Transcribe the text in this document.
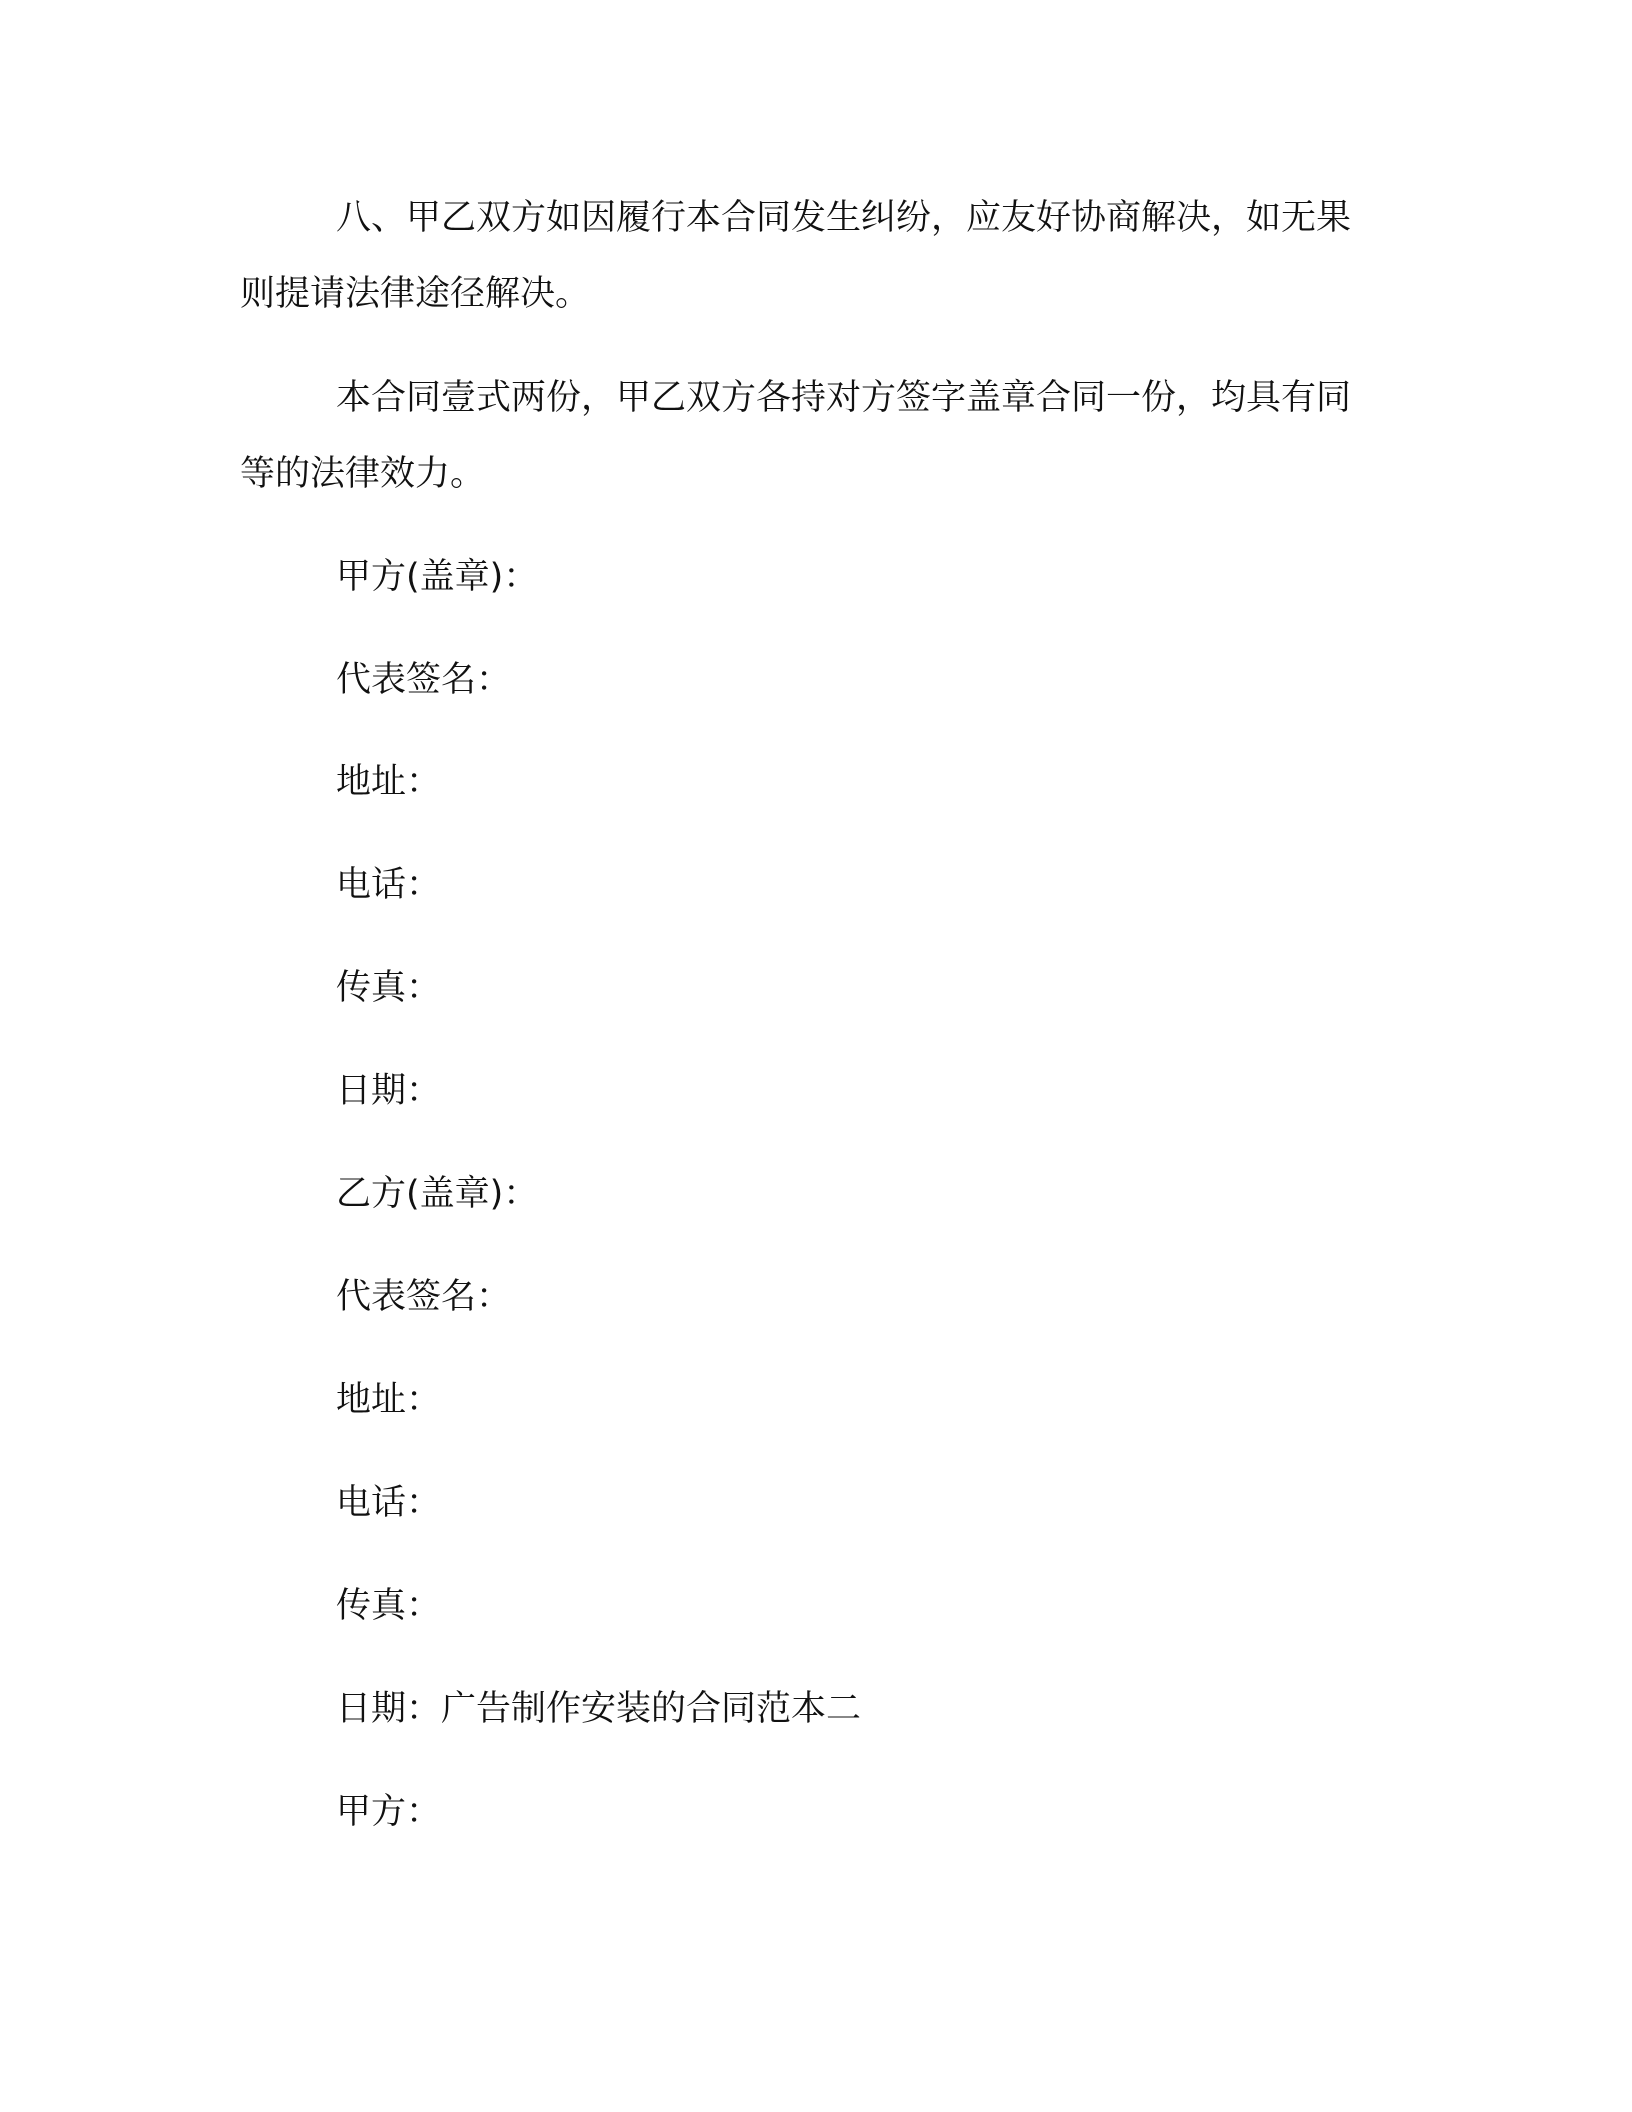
八、甲乙双方如因履行本合同发生纠纷，应友好协商解决，如无果则提请法律途径解决。

本合同壹式两份，甲乙双方各持对方签字盖章合同一份，均具有同等的法律效力。

甲方(盖章)：

代表签名：

地址：

电话：

传真：

日期：

乙方(盖章)：

代表签名：

地址：

电话：

传真：

日期：广告制作安装的合同范本二

甲方：
